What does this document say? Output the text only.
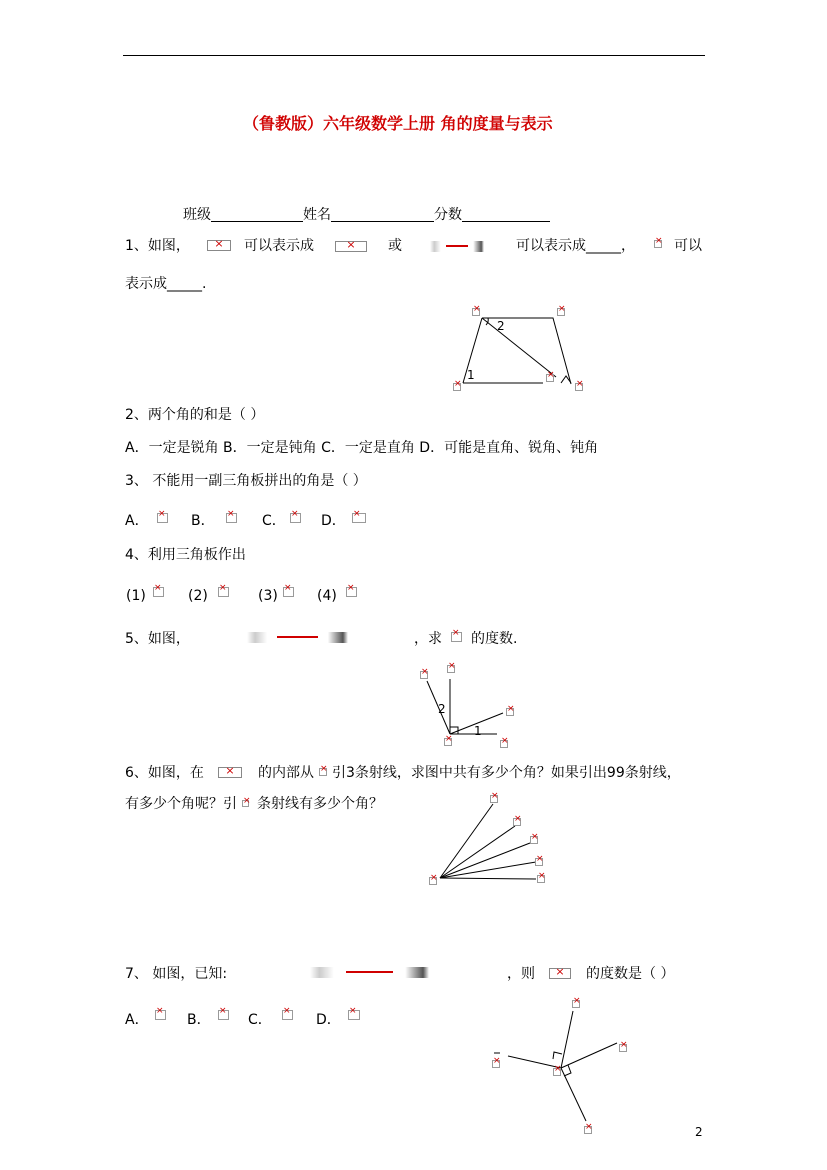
（鲁教版）六年级数学上册 角的度量与表示
班级	姓名	分数
1、如图， ×	可以表示成 ×	或	可以表示成_____， ×	可以
表示成_____.
2
1
×
×
×
×
×
2、两个角的和是（ ）
A．一定是锐角 B．一定是钝角 C．一定是直角 D．可能是直角、锐角、钝角
3、 不能用一副三角板拼出的角是（ ）
A． ×	B． ×	C． ×	D．
×
4、利用三角板作出
(1) ×	(2) ×	(3) ×	(4)
×
5、如图，	，求 × 的度数.
2
1
×
×
×
×
×
6、如图，在 ×	的内部从 × 引3条射线，求图中共有多少个角？如果引出99条射线，
有多少个角呢？引 × 条射线有多少个角？
×
×
×
×
×
×
7、 如图，已知:	，则 ×	的度数是（ ）
A． ×	B． ×	C． ×	D．
×
×
×
×
×
×
2
